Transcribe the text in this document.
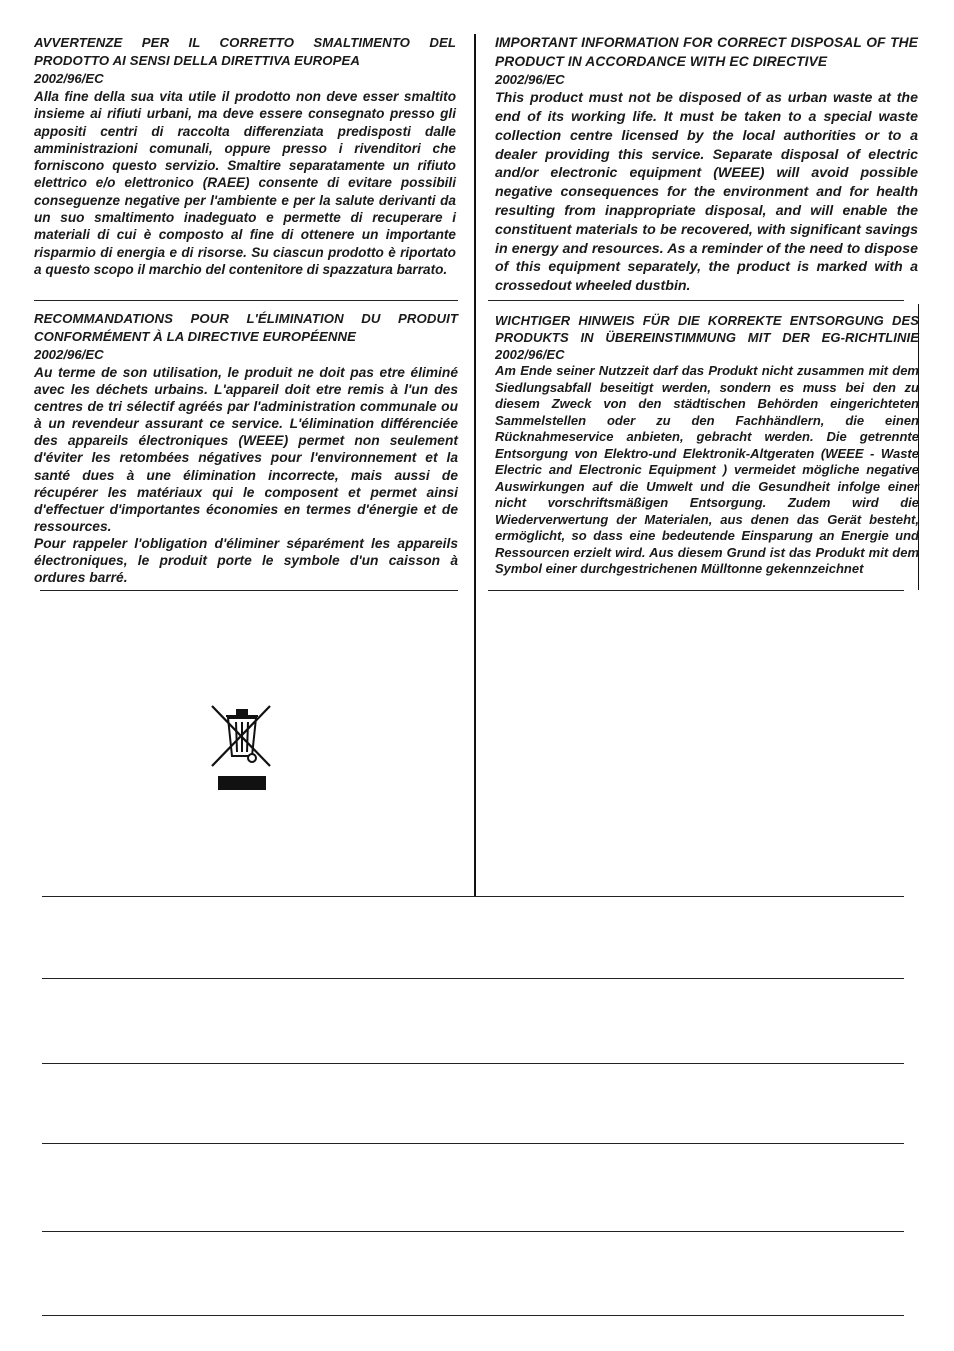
AVVERTENZE PER IL CORRETTO SMALTIMENTO DEL PRODOTTO AI SENSI DELLA DIRETTIVA EUROPEA
2002/96/EC

Alla fine della sua vita utile il prodotto non deve esser smaltito insieme ai rifiuti urbani, ma deve essere consegnato presso gli appositi centri di raccolta differenziata predisposti dalle amministrazioni comunali, oppure presso i rivenditori che forniscono questo servizio. Smaltire separatamente un rifiuto elettrico e/o elettronico (RAEE) consente di evitare possibili conseguenze negative per l'ambiente e per la salute derivanti da un suo smaltimento inadeguato e permette di recuperare i materiali di cui è composto al fine di ottenere un importante risparmio di energia e di risorse. Su ciascun prodotto è riportato a questo scopo il marchio del contenitore di spazzatura barrato.

IMPORTANT INFORMATION FOR CORRECT DISPOSAL OF THE PRODUCT IN ACCORDANCE WITH EC DIRECTIVE
2002/96/EC

This product must not be disposed of as urban waste at the end of its working life. It must be taken to a special waste collection centre licensed by the local authorities or to a dealer providing this service. Separate disposal of electric and/or electronic equipment (WEEE) will avoid possible negative consequences for the environment and for health resulting from inappropriate disposal, and will enable the constituent materials to be recovered, with significant savings in energy and resources. As a reminder of the need to dispose of this equipment separately, the product is marked with a crossedout wheeled dustbin.

RECOMMANDATIONS POUR L'ÉLIMINATION DU PRODUIT CONFORMÉMENT À LA DIRECTIVE EUROPÉENNE
2002/96/EC

Au terme de son utilisation, le produit ne doit pas etre éliminé avec les déchets urbains. L'appareil doit etre remis à l'un des centres de tri sélectif agréés par l'administration communale ou à un revendeur assurant ce service. L'élimination différenciée des appareils électroniques (WEEE) permet non seulement d'éviter les retombées négatives pour l'environnement et la santé dues à une élimination incorrecte, mais aussi de récupérer les matériaux qui le composent et permet ainsi d'effectuer d'importantes économies en termes d'énergie et de ressources.

Pour rappeler l'obligation d'éliminer séparément les appareils électroniques, le produit porte le symbole d'un caisson à ordures barré.

WICHTIGER HINWEIS FÜR DIE KORREKTE ENTSORGUNG DES PRODUKTS IN ÜBEREINSTIMMUNG MIT DER EG-RICHTLINIE 2002/96/EC

Am Ende seiner Nutzzeit darf das Produkt nicht zusammen mit dem Siedlungsabfall beseitigt werden, sondern es muss bei den zu diesem Zweck von den städtischen Behörden eingerichteten Sammelstellen oder zu den Fachhändlern, die einen Rücknahmeservice anbieten, gebracht werden. Die getrennte Entsorgung von Elektro-und Elektronik-Altgeraten (WEEE - Waste Electric and Electronic Equipment ) vermeidet mögliche negative Auswirkungen auf die Umwelt und die Gesundheit infolge einer nicht vorschriftsmäßigen Entsorgung. Zudem wird die Wiederverwertung der Materialen, aus denen das Gerät besteht, ermöglicht, so dass eine bedeutende Einsparung an Energie und Ressourcen erzielt wird. Aus diesem Grund ist das Produkt mit dem Symbol einer durchgestrichenen Mülltonne gekennzeichnet
